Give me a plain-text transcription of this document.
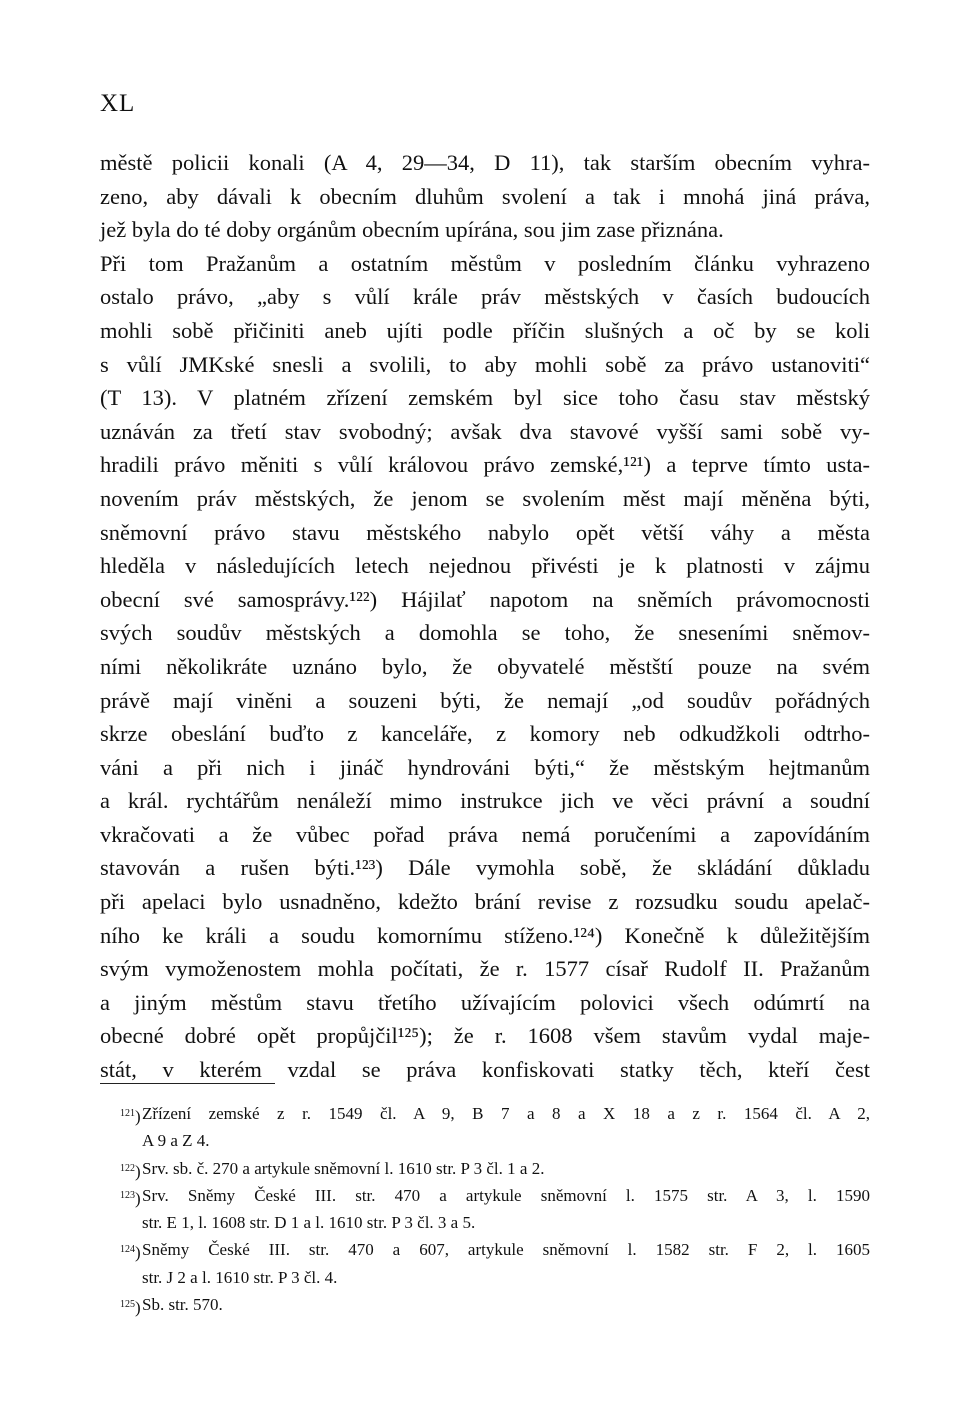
XL
městě policii konali (A 4, 29—34, D 11), tak starším obecním vyhra-
zeno, aby dávali k obecním dluhům svolení a tak i mnohá jiná práva,
jež byla do té doby orgánům obecním upírána, sou jim zase přiznána.
Při tom Pražanům a ostatním městům v posledním článku vyhrazeno
ostalo právo, „aby s vůlí krále práv městských v časích budoucích
mohli sobě přičiniti aneb ujíti podle příčin slušných a oč by se koli
s vůlí JMKské snesli a svolili, to aby mohli sobě za právo ustanoviti“
(T 13). V platném zřízení zemském byl sice toho času stav městský
uznáván za třetí stav svobodný; avšak dva stavové vyšší sami sobě vy-
hradili právo měniti s vůlí královou právo zemské,¹²¹) a teprve tímto usta-
novením práv městských, že jenom se svolením měst mají měněna býti,
sněmovní právo stavu městského nabylo opět větší váhy a města
hleděla v následujících letech nejednou přivésti je k platnosti v zájmu
obecní své samosprávy.¹²²) Hájilať napotom na sněmích právomocnosti
svých soudův městských a domohla se toho, že sneseními sněmov-
ními několikráte uznáno bylo, že obyvatelé městští pouze na svém
právě mají viněni a souzeni býti, že nemají „od soudův pořádných
skrze obeslání buďto z kanceláře, z komory neb odkudžkoli odtrho-
váni a při nich i jináč hyndrováni býti,“ že městským hejtmanům
a král. rychtářům nenáleží mimo instrukce jich ve věci právní a soudní
vkračovati a že vůbec pořad práva nemá poručeními a zapovídáním
stavován a rušen býti.¹²³) Dále vymohla sobě, že skládání důkladu
při apelaci bylo usnadněno, kdežto brání revise z rozsudku soudu apelač-
ního ke králi a soudu komornímu stíženo.¹²⁴) Konečně k důležitějším
svým vymoženostem mohla počítati, že r. 1577 císař Rudolf II. Pražanům
a jiným městům stavu třetího užívajícím polovici všech odúmrtí na
obecné dobré opět propůjčil¹²⁵); že r. 1608 všem stavům vydal maje-
stát, v kterém vzdal se práva konfiskovati statky těch, kteří čest
$^{121}$) Zřízení zemské z r. 1549 čl. A 9, B 7 a 8 a X 18 a z r. 1564 čl. A 2,
A 9 a Z 4.
$^{122}$) Srv. sb. č. 270 a artykule sněmovní l. 1610 str. P 3 čl. 1 a 2.
$^{123}$) Srv. Sněmy České III. str. 470 a artykule sněmovní l. 1575 str. A 3, l. 1590
str. E 1, l. 1608 str. D 1 a l. 1610 str. P 3 čl. 3 a 5.
$^{124}$) Sněmy České III. str. 470 a 607, artykule sněmovní l. 1582 str. F 2, l. 1605
str. J 2 a l. 1610 str. P 3 čl. 4.
$^{125}$) Sb. str. 570.
